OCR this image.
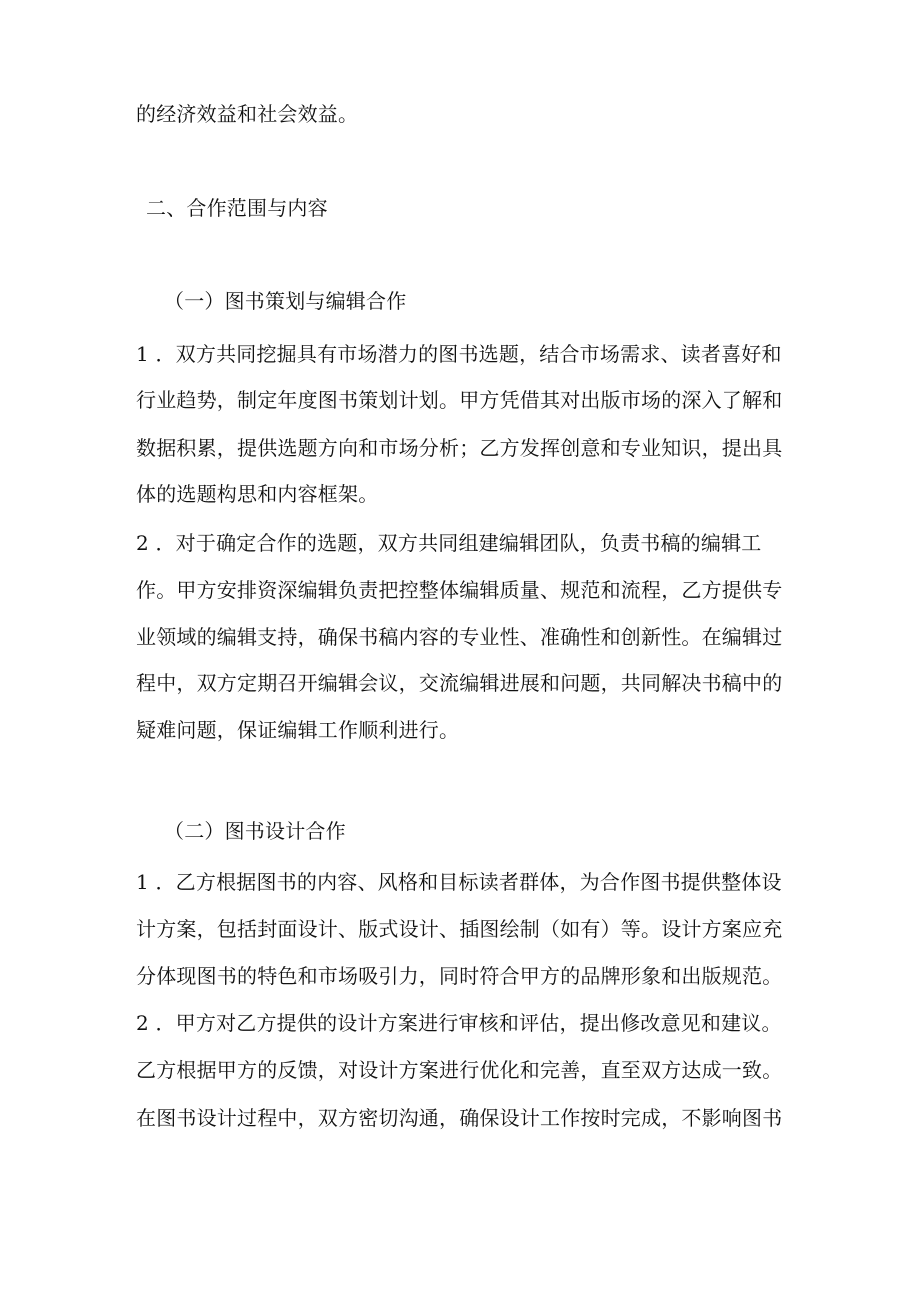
的经济效益和社会效益。
二、合作范围与内容
（一）图书策划与编辑合作
1 ．双方共同挖掘具有市场潜力的图书选题，结合市场需求、读者喜好和
行业趋势，制定年度图书策划计划。甲方凭借其对出版市场的深入了解和
数据积累，提供选题方向和市场分析；乙方发挥创意和专业知识，提出具
体的选题构思和内容框架。
2 ．对于确定合作的选题，双方共同组建编辑团队，负责书稿的编辑工
作。甲方安排资深编辑负责把控整体编辑质量、规范和流程，乙方提供专
业领域的编辑支持，确保书稿内容的专业性、准确性和创新性。在编辑过
程中，双方定期召开编辑会议，交流编辑进展和问题，共同解决书稿中的
疑难问题，保证编辑工作顺利进行。
（二）图书设计合作
1 ．乙方根据图书的内容、风格和目标读者群体，为合作图书提供整体设
计方案，包括封面设计、版式设计、插图绘制（如有）等。设计方案应充
分体现图书的特色和市场吸引力，同时符合甲方的品牌形象和出版规范。
2 ．甲方对乙方提供的设计方案进行审核和评估，提出修改意见和建议。
乙方根据甲方的反馈，对设计方案进行优化和完善，直至双方达成一致。
在图书设计过程中，双方密切沟通，确保设计工作按时完成，不影响图书
